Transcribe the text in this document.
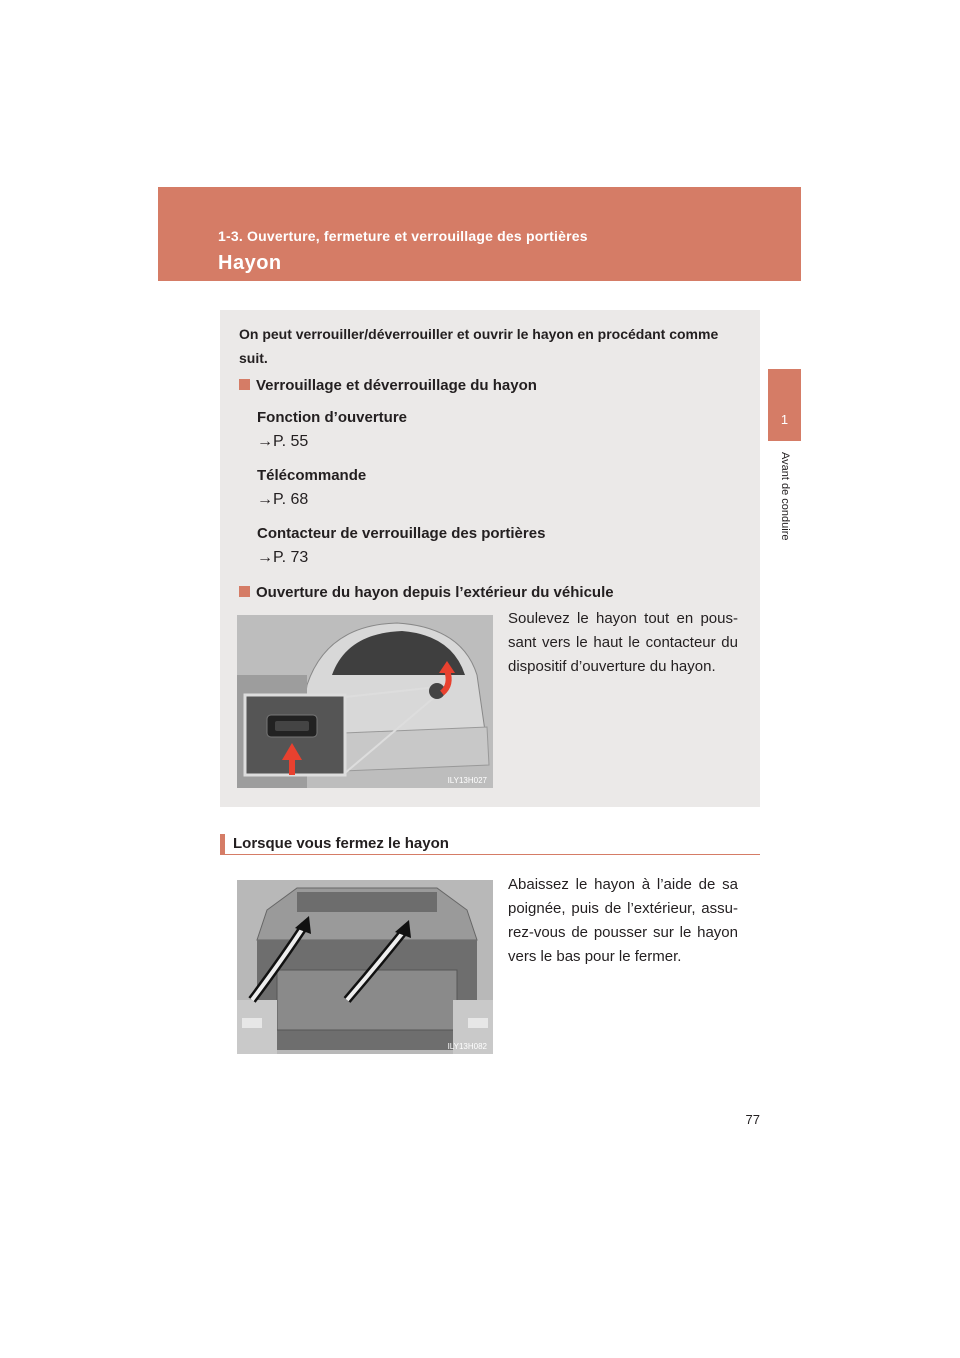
1-3. Ouverture, fermeture et verrouillage des portières
Hayon
1
Avant de conduire
On peut verrouiller/déverrouiller et ouvrir le hayon en procédant comme suit.
Verrouillage et déverrouillage du hayon
Fonction d’ouverture
→P. 55
Télécommande
→P. 68
Contacteur de verrouillage des portières
→P. 73
Ouverture du hayon depuis l’extérieur du véhicule
ILY13H027
Soulevez le hayon tout en pous- sant vers le haut le contacteur du dispositif d’ouverture du hayon.
Lorsque vous fermez le hayon
ILY13H082
Abaissez le hayon à l’aide de sa poignée, puis de l’extérieur, assu- rez-vous de pousser sur le hayon vers le bas pour le fermer.
77
